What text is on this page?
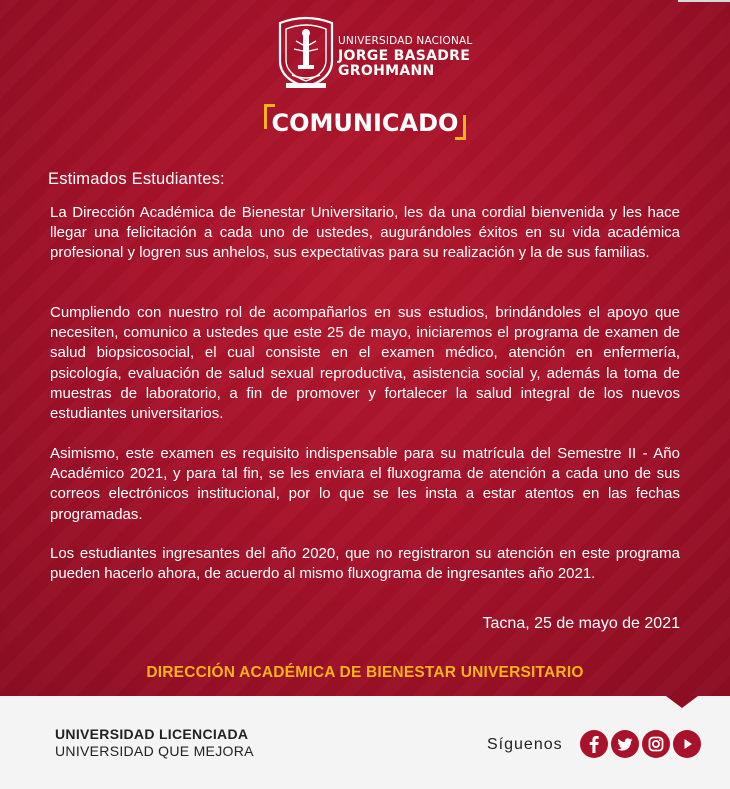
UNIVERSIDAD NACIONAL
JORGE BASADRE
GROHMANN
COMUNICADO
Estimados Estudiantes:

La Dirección Académica de Bienestar Universitario, les da una cordial bienvenida y les hace llegar una felicitación a cada uno de ustedes, augurándoles éxitos en su vida académica profesional y logren sus anhelos, sus expectativas para su realización y la de sus familias.

Cumpliendo con nuestro rol de acompañarlos en sus estudios, brindándoles el apoyo que necesiten, comunico a ustedes que este 25 de mayo, iniciaremos el programa de examen de salud biopsicosocial, el cual consiste en el examen médico, atención en enfermería, psicología, evaluación de salud sexual reproductiva, asistencia social y, además la toma de muestras de laboratorio, a fin de promover y fortalecer la salud integral de los nuevos estudiantes universitarios.

Asimismo, este examen es requisito indispensable para su matrícula del Semestre II - Año Académico 2021, y para tal fin, se les enviara el fluxograma de atención a cada uno de sus correos electrónicos institucional, por lo que se les insta a estar atentos en las fechas programadas.

Los estudiantes ingresantes del año 2020, que no registraron su atención en este programa pueden hacerlo ahora, de acuerdo al mismo fluxograma de ingresantes año 2021.

Tacna, 25 de mayo de 2021
DIRECCIÓN ACADÉMICA DE BIENESTAR UNIVERSITARIO
UNIVERSIDAD LICENCIADA
UNIVERSIDAD QUE MEJORA	Síguenos
